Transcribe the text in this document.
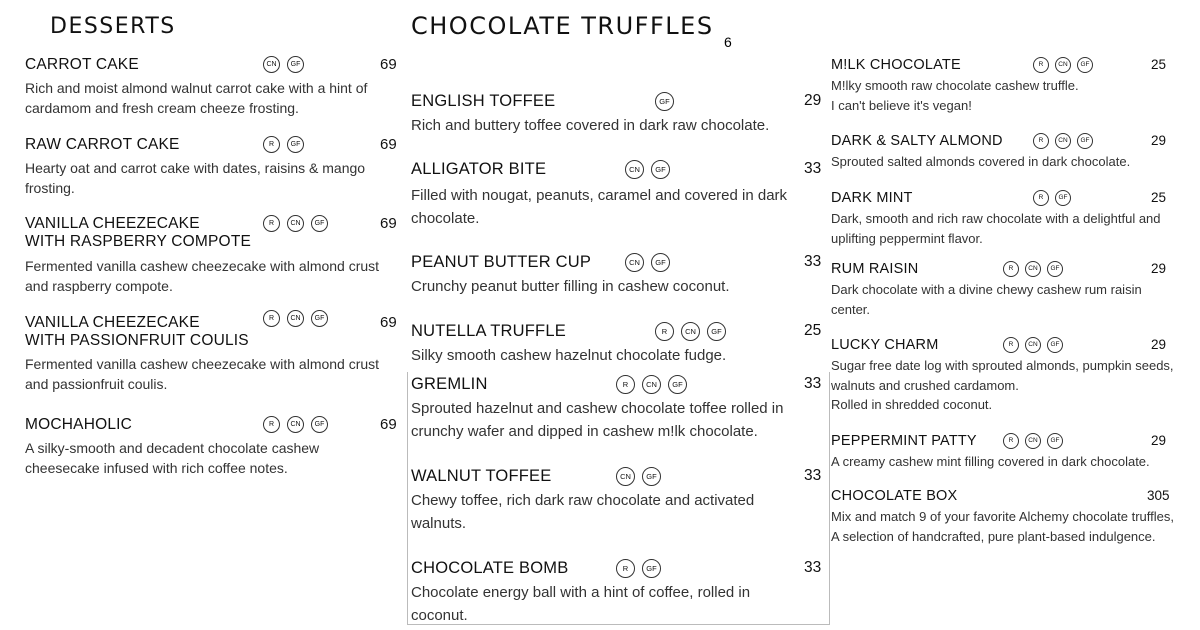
DESSERTS	CHOCOLATE TRUFFLES
6
CARROT CAKE	CN GF	69
Rich and moist almond walnut carrot cake with a hint of
cardamom and fresh cream cheeze frosting.
RAW CARROT CAKE	R GF	69
Hearty oat and carrot cake with dates, raisins & mango
frosting.
VANILLA CHEEZECAKE
WITH RASPBERRY COMPOTE
R CN GF	69
Fermented vanilla cashew cheezecake with almond crust
and raspberry compote.
VANILLA CHEEZECAKE
WITH PASSIONFRUIT COULIS
R CN GF	69
Fermented vanilla cashew cheezecake with almond crust
and passionfruit coulis.
MOCHAHOLIC	R CN GF	69
A silky-smooth and decadent chocolate cashew
cheesecake infused with rich coffee notes.
ENGLISH TOFFEE	GF	29
Rich and buttery toffee covered in dark raw chocolate.
ALLIGATOR BITE	CN GF	33
Filled with nougat, peanuts, caramel and covered in dark
chocolate.
PEANUT BUTTER CUP	CN GF	33
Crunchy peanut butter filling in cashew coconut.
NUTELLA TRUFFLE	R CN GF	25
Silky smooth cashew hazelnut chocolate fudge.
GREMLIN	R CN GF	33
Sprouted hazelnut and cashew chocolate toffee rolled in
crunchy wafer and dipped in cashew m!lk chocolate.
WALNUT TOFFEE	CN GF	33
Chewy toffee, rich dark raw chocolate and activated
walnuts.
CHOCOLATE BOMB	R GF	33
Chocolate energy ball with a hint of coffee, rolled in
coconut.
M!LK CHOCOLATE	R CN GF	25
M!lky smooth raw chocolate cashew truffle.
I can't believe it's vegan!
DARK & SALTY ALMOND	R CN GF	29
Sprouted salted almonds covered in dark chocolate.
DARK MINT	R GF	25
Dark, smooth and rich raw chocolate with a delightful and
uplifting peppermint flavor.
RUM RAISIN	R CN GF	29
Dark chocolate with a divine chewy cashew rum raisin
center.
LUCKY CHARM	R CN GF	29
Sugar free date log with sprouted almonds, pumpkin seeds,
walnuts and crushed cardamom.
Rolled in shredded coconut.
PEPPERMINT PATTY	R CN GF	29
A creamy cashew mint filling covered in dark chocolate.
CHOCOLATE BOX	305
Mix and match 9 of your favorite Alchemy chocolate truffles,
A selection of handcrafted, pure plant-based indulgence.
